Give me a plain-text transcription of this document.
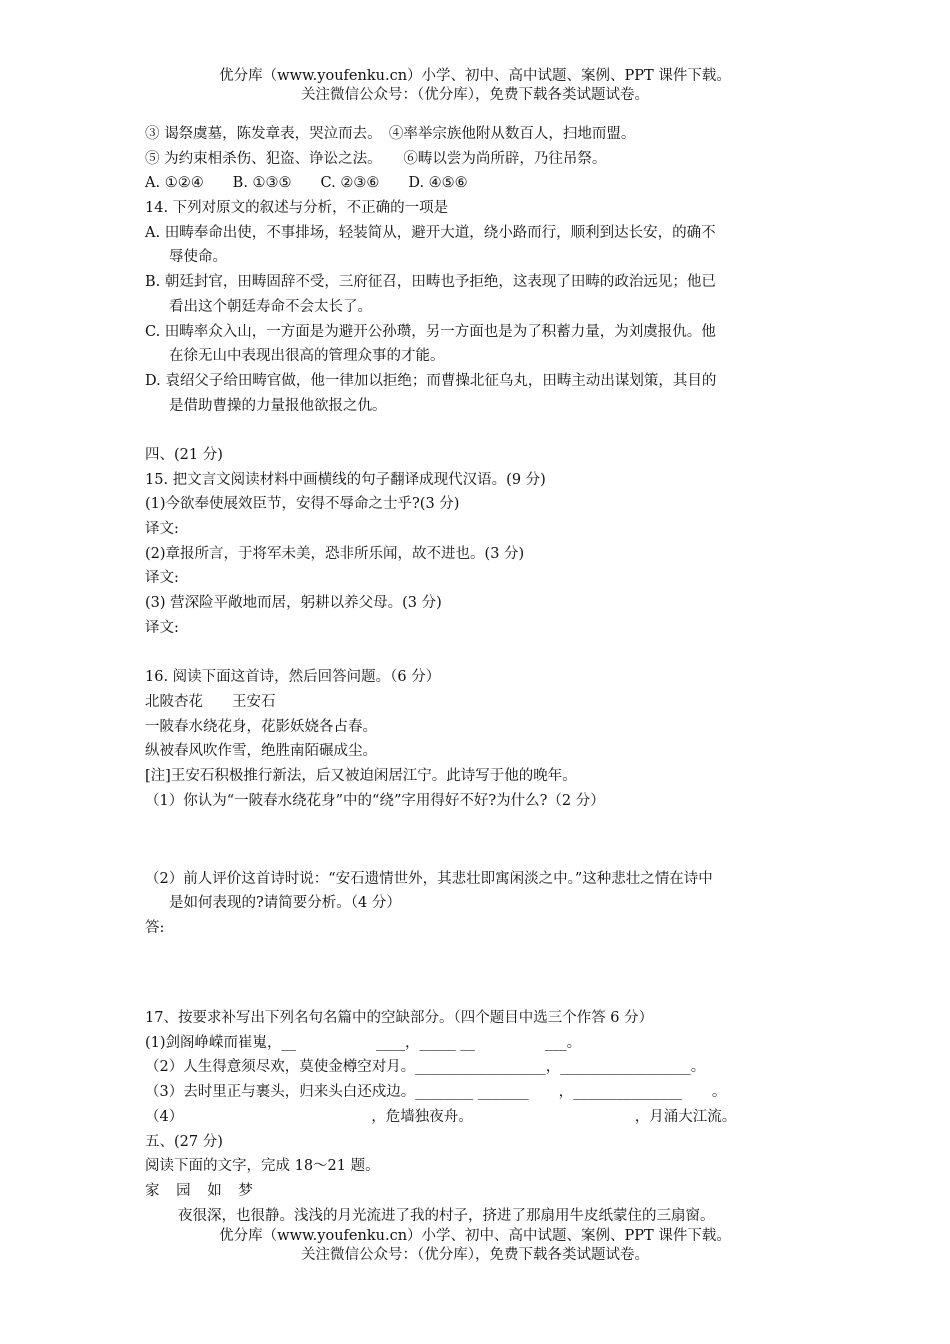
优分库（www.youfenku.cn）小学、初中、高中试题、案例、PPT 课件下载。
关注微信公众号：（优分库），免费下载各类试题试卷。
③ 谒祭虞墓，陈发章表，哭泣而去。　④率举宗族他附从数百人，扫地而盟。
⑤ 为约束相杀伤、犯盗、诤讼之法。　　⑥畴以尝为尚所辟，乃往吊祭。
A. ①②④　　B. ①③⑤　　C. ②③⑥　　D. ④⑤⑥
14. 下列对原文的叙述与分析，不正确的一项是
A. 田畴奉命出使，不事排场，轻装简从，避开大道，绕小路而行，顺利到达长安，的确不
辱使命。
B. 朝廷封官，田畴固辞不受，三府征召，田畴也予拒绝，这表现了田畴的政治远见；他已
看出这个朝廷寿命不会太长了。
C. 田畴率众入山，一方面是为避开公孙瓒，另一方面也是为了积蓄力量，为刘虞报仇。他
在徐无山中表现出很高的管理众事的才能。
D. 袁绍父子给田畴官做，他一律加以拒绝；而曹操北征乌丸，田畴主动出谋划策，其目的
是借助曹操的力量报他欲报之仇。
四、(21 分)
15. 把文言文阅读材料中画横线的句子翻译成现代汉语。(9 分)
(1)今欲奉使展效臣节，安得不辱命之士乎?(3 分)
译文:
(2)章报所言，于将军未美，恐非所乐闻，故不进也。(3 分)
译文:
(3) 营深险平敞地而居，躬耕以养父母。(3 分)
译文:
16. 阅读下面这首诗，然后回答问题。（6 分）
北陂杏花　　王安石
一陂春水绕花身，花影妖娆各占春。
纵被春风吹作雪，绝胜南陌碾成尘。
[注]王安石积极推行新法，后又被迫闲居江宁。此诗写于他的晚年。
（1）你认为“一陂春水绕花身”中的“绕”字用得好不好?为什么?（2 分）
（2）前人评价这首诗时说：“安石遗情世外，其悲壮即寓闲淡之中。”这种悲壮之情在诗中
是如何表现的?请简要分析。（4 分）
答:
17、按要求补写出下列名句名篇中的空缺部分。（四个题目中选三个作答 6 分）
(1)剑阁峥嵘而崔嵬，__	____，_____ __	___。
（2）人生得意须尽欢，莫使金樽空对月。__________________，__________________。
（3）去时里正与裹头，归来头白还戍边。________ _______ ，_______________ 。
（4）	，危墙独夜舟。	，月涌大江流。
五、(27 分)
阅读下面的文字，完成 18～21 题。
家 园 如 梦
夜很深，也很静。浅浅的月光流进了我的村子，挤进了那扇用牛皮纸蒙住的三扇窗。
优分库（www.youfenku.cn）小学、初中、高中试题、案例、PPT 课件下载。
关注微信公众号：（优分库），免费下载各类试题试卷。
